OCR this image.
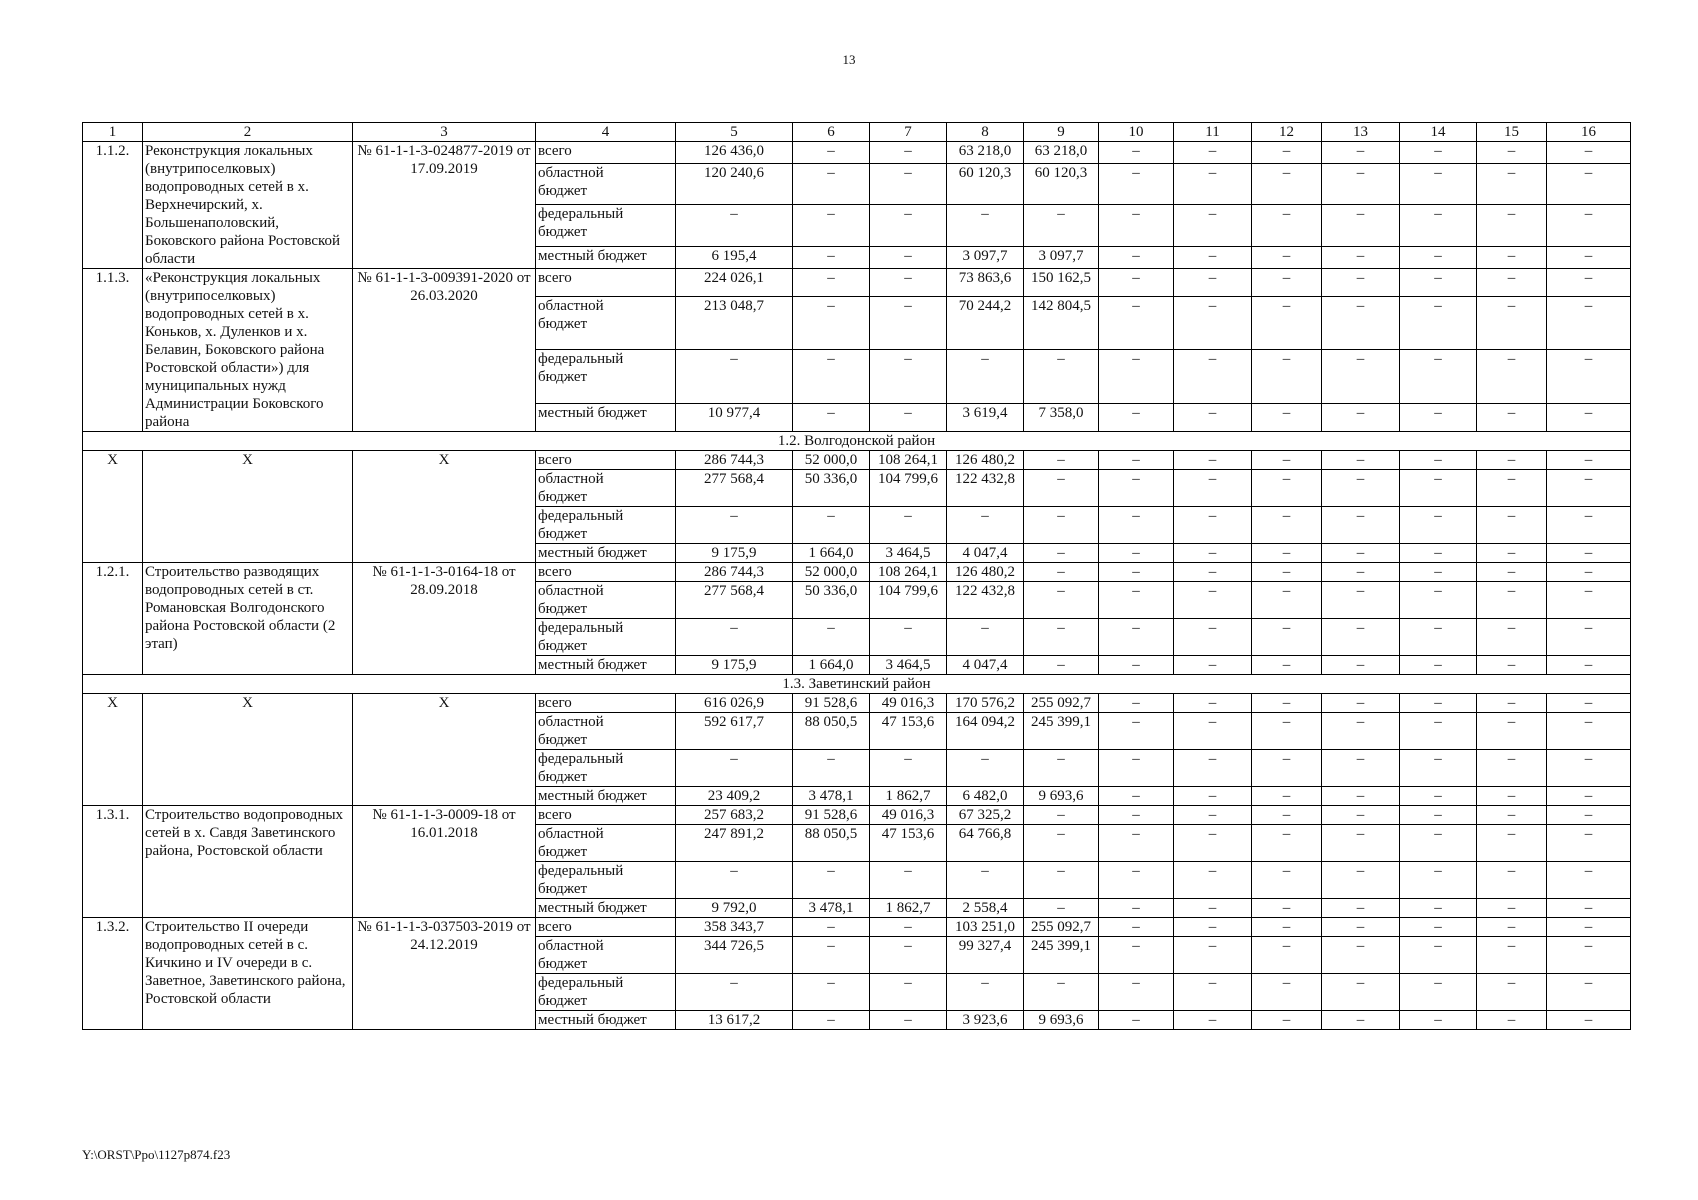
13
1	2	3	4	5	6	7	8	9	10	11	12	13	14	15	16
1.1.2.	Реконструкция локальных (внутрипоселковых) водопроводных сетей в х. Верхнечирский, х. Большенаполовский, Боковского района Ростовской области	№ 61-1-1-3-024877-2019 от 17.09.2019	всего	126 436,0	–	–	63 218,0	63 218,0	–	–	–	–	–	–	–

			областной бюджет	120 240,6	–	–	60 120,3	60 120,3	–	–	–	–	–	–	–

			федеральный бюджет	–	–	–	–	–	–	–	–	–	–	–	–

			местный бюджет	6 195,4	–	–	3 097,7	3 097,7	–	–	–	–	–	–	–
1.1.3.	«Реконструкция локальных (внутрипоселковых) водопроводных сетей в х. Коньков, х. Дуленков и х. Белавин, Боковского района Ростовской области») для муниципальных нужд Администрации Боковского района	№ 61-1-1-3-009391-2020 от 26.03.2020	всего	224 026,1	–	–	73 863,6	150 162,5	–	–	–	–	–	–	–

			областной бюджет	213 048,7	–	–	70 244,2	142 804,5	–	–	–	–	–	–	–

			федеральный бюджет	–	–	–	–	–	–	–	–	–	–	–	–

			местный бюджет	10 977,4	–	–	3 619,4	7 358,0	–	–	–	–	–	–	–
1.2. Волгодонской район															
X	X	X	всего	286 744,3	52 000,0	108 264,1	126 480,2	–	–	–	–	–	–	–	–

			областной бюджет	277 568,4	50 336,0	104 799,6	122 432,8	–	–	–	–	–	–	–	–

			федеральный бюджет	–	–	–	–	–	–	–	–	–	–	–	–

			местный бюджет	9 175,9	1 664,0	3 464,5	4 047,4	–	–	–	–	–	–	–	–
1.2.1.	Строительство разводящих водопроводных сетей в ст. Романовская Волгодонского района Ростовской области (2 этап)	№ 61-1-1-3-0164-18 от 28.09.2018	всего	286 744,3	52 000,0	108 264,1	126 480,2	–	–	–	–	–	–	–	–

			областной бюджет	277 568,4	50 336,0	104 799,6	122 432,8	–	–	–	–	–	–	–	–

			федеральный бюджет	–	–	–	–	–	–	–	–	–	–	–	–

			местный бюджет	9 175,9	1 664,0	3 464,5	4 047,4	–	–	–	–	–	–	–	–
1.3. Заветинский район															
X	X	X	всего	616 026,9	91 528,6	49 016,3	170 576,2	255 092,7	–	–	–	–	–	–	–

			областной бюджет	592 617,7	88 050,5	47 153,6	164 094,2	245 399,1	–	–	–	–	–	–	–

			федеральный бюджет	–	–	–	–	–	–	–	–	–	–	–	–

			местный бюджет	23 409,2	3 478,1	1 862,7	6 482,0	9 693,6	–	–	–	–	–	–	–
1.3.1.	Строительство водопроводных сетей в х. Савдя Заветинского района, Ростовской области	№ 61-1-1-3-0009-18 от 16.01.2018	всего	257 683,2	91 528,6	49 016,3	67 325,2	–	–	–	–	–	–	–	–

			областной бюджет	247 891,2	88 050,5	47 153,6	64 766,8	–	–	–	–	–	–	–	–

			федеральный бюджет	–	–	–	–	–	–	–	–	–	–	–	–

			местный бюджет	9 792,0	3 478,1	1 862,7	2 558,4	–	–	–	–	–	–	–	–
1.3.2.	Строительство II очереди водопроводных сетей в с. Кичкино и IV очереди в с. Заветное, Заветинского района, Ростовской области	№ 61-1-1-3-037503-2019 от 24.12.2019	всего	358 343,7	–	–	103 251,0	255 092,7	–	–	–	–	–	–	–

			областной бюджет	344 726,5	–	–	99 327,4	245 399,1	–	–	–	–	–	–	–

			федеральный бюджет	–	–	–	–	–	–	–	–	–	–	–	–

			местный бюджет	13 617,2	–	–	3 923,6	9 693,6	–	–	–	–	–	–	–
Y:\ORST\Ppo\1127p874.f23
